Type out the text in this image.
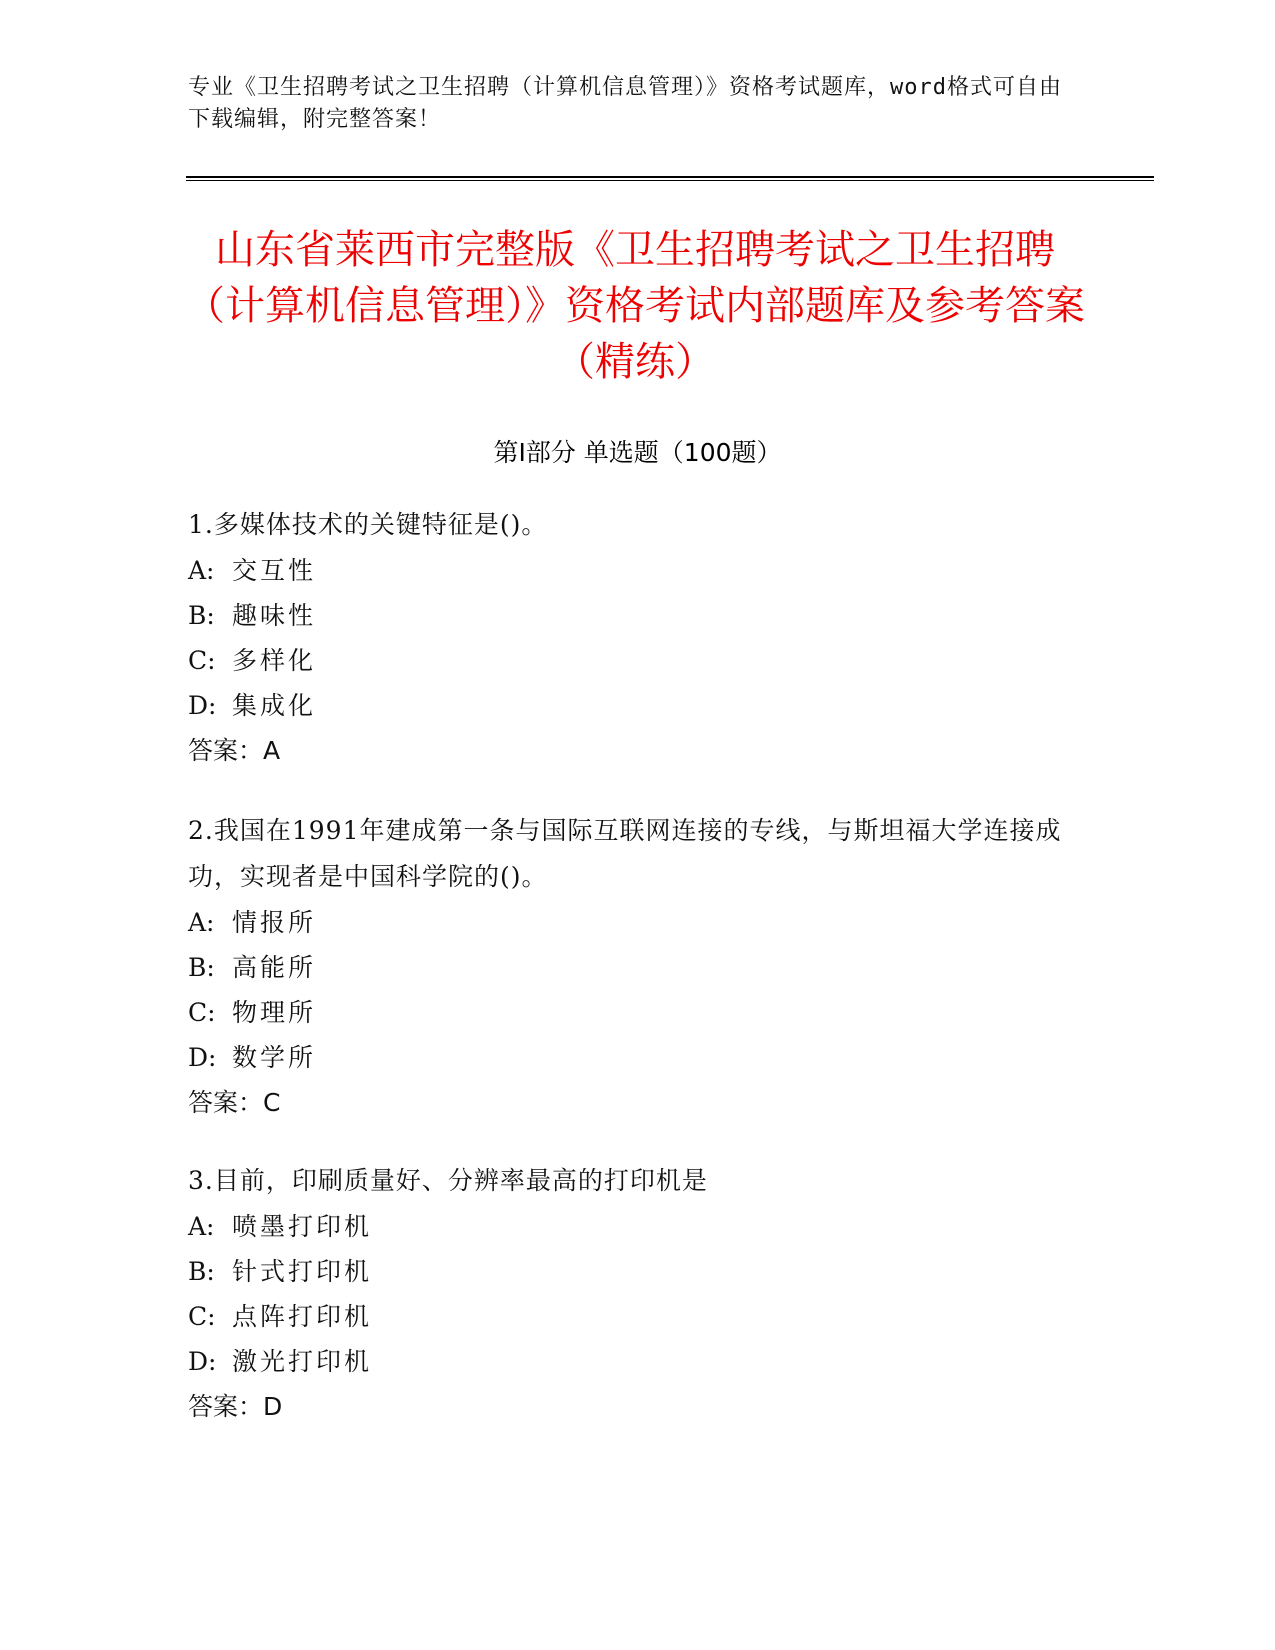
专业《卫生招聘考试之卫生招聘（计算机信息管理）》资格考试题库，word格式可自由下载编辑，附完整答案！
山东省莱西市完整版《卫生招聘考试之卫生招聘（计算机信息管理）》资格考试内部题库及参考答案（精练）
第I部分 单选题（100题）
1.多媒体技术的关键特征是()。
A: 交互性
B: 趣味性
C: 多样化
D: 集成化
答案：A
2.我国在1991年建成第一条与国际互联网连接的专线，与斯坦福大学连接成功，实现者是中国科学院的()。
A: 情报所
B: 高能所
C: 物理所
D: 数学所
答案：C
3.目前，印刷质量好、分辨率最高的打印机是
A: 喷墨打印机
B: 针式打印机
C: 点阵打印机
D: 激光打印机
答案：D
